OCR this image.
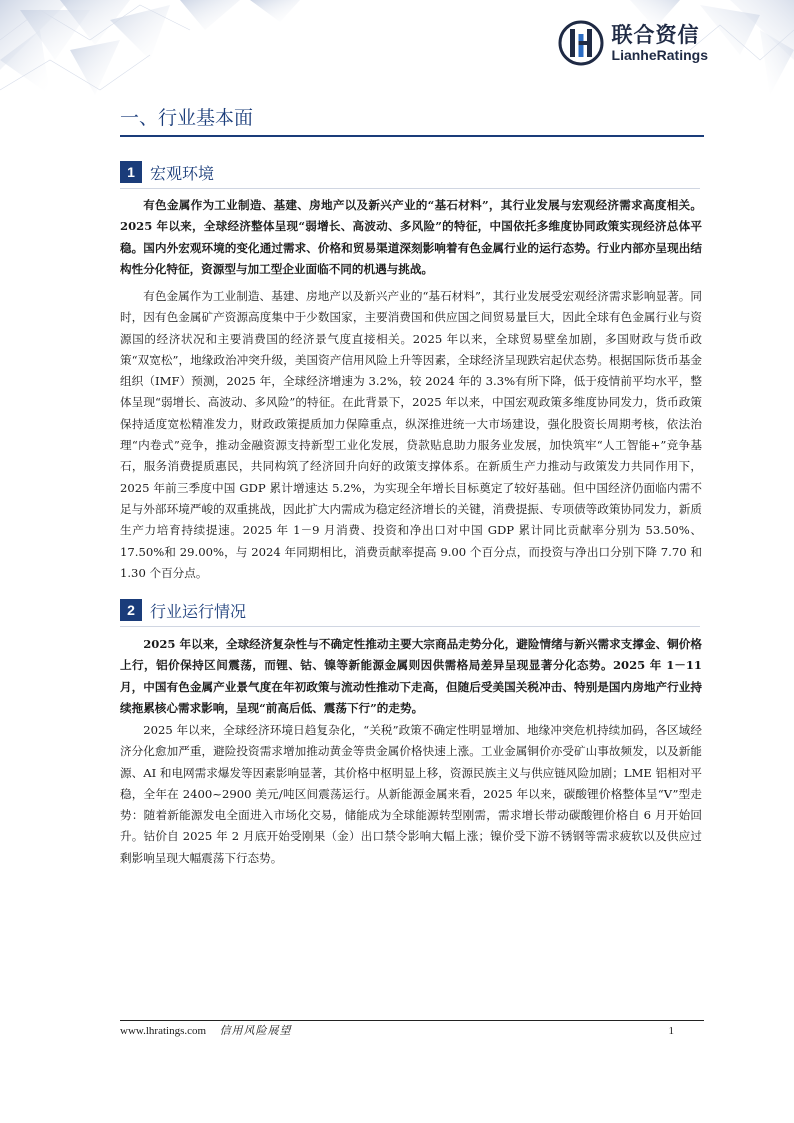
联合资信
LianheRatings
一、行业基本面
1 宏观环境

有色金属作为工业制造、基建、房地产以及新兴产业的“基石材料”，其行业发展与宏观经济需求高度相关。2025 年以来，全球经济整体呈现“弱增长、高波动、多风险”的特征，中国依托多维度协同政策实现经济总体平稳。国内外宏观环境的变化通过需求、价格和贸易渠道深刻影响着有色金属行业的运行态势。行业内部亦呈现出结构性分化特征，资源型与加工型企业面临不同的机遇与挑战。

有色金属作为工业制造、基建、房地产以及新兴产业的“基石材料”，其行业发展受宏观经济需求影响显著。同时，因有色金属矿产资源高度集中于少数国家，主要消费国和供应国之间贸易量巨大，因此全球有色金属行业与资源国的经济状况和主要消费国的经济景气度直接相关。2025 年以来，全球贸易壁垒加剧，多国财政与货币政策“双宽松”，地缘政治冲突升级，美国资产信用风险上升等因素，全球经济呈现跌宕起伏态势。根据国际货币基金组织（IMF）预测，2025 年，全球经济增速为 3.2%，较 2024 年的 3.3%有所下降，低于疫情前平均水平，整体呈现“弱增长、高波动、多风险”的特征。在此背景下，2025 年以来，中国宏观政策多维度协同发力，货币政策保持适度宽松精准发力，财政政策提质加力保障重点，纵深推进统一大市场建设，强化股资长周期考核，依法治理“内卷式”竞争，推动金融资源支持新型工业化发展，贷款贴息助力服务业发展，加快筑牢“人工智能+”竞争基石，服务消费提质惠民，共同构筑了经济回升向好的政策支撑体系。在新质生产力推动与政策发力共同作用下，2025 年前三季度中国 GDP 累计增速达 5.2%，为实现全年增长目标奠定了较好基础。但中国经济仍面临内需不足与外部环境严峻的双重挑战，因此扩大内需成为稳定经济增长的关键，消费提振、专项债等政策协同发力，新质生产力培育持续提速。2025 年 1－9 月消费、投资和净出口对中国 GDP 累计同比贡献率分别为 53.50%、17.50%和 29.00%，与 2024 年同期相比，消费贡献率提高 9.00 个百分点，而投资与净出口分别下降 7.70 和 1.30 个百分点。

2 行业运行情况

2025 年以来，全球经济复杂性与不确定性推动主要大宗商品走势分化，避险情绪与新兴需求支撑金、铜价格上行，铝价保持区间震荡，而锂、钴、镍等新能源金属则因供需格局差异呈现显著分化态势。2025 年 1－11 月，中国有色金属产业景气度在年初政策与流动性推动下走高，但随后受美国关税冲击、特别是国内房地产行业持续拖累核心需求影响，呈现“前高后低、震荡下行”的走势。

2025 年以来，全球经济环境日趋复杂化，“关税”政策不确定性明显增加、地缘冲突危机持续加码，各区域经济分化愈加严重，避险投资需求增加推动黄金等贵金属价格快速上涨。工业金属铜价亦受矿山事故频发，以及新能源、AI 和电网需求爆发等因素影响显著，其价格中枢明显上移，资源民族主义与供应链风险加剧；LME 铝相对平稳，全年在 2400~2900 美元/吨区间震荡运行。从新能源金属来看，2025 年以来，碳酸锂价格整体呈“V”型走势：随着新能源发电全面进入市场化交易，储能成为全球能源转型刚需，需求增长带动碳酸锂价格自 6 月开始回升。钴价自 2025 年 2 月底开始受刚果（金）出口禁令影响大幅上涨；镍价受下游不锈钢等需求疲软以及供应过剩影响呈现大幅震荡下行态势。

www.lhratings.com 信用风险展望	1
